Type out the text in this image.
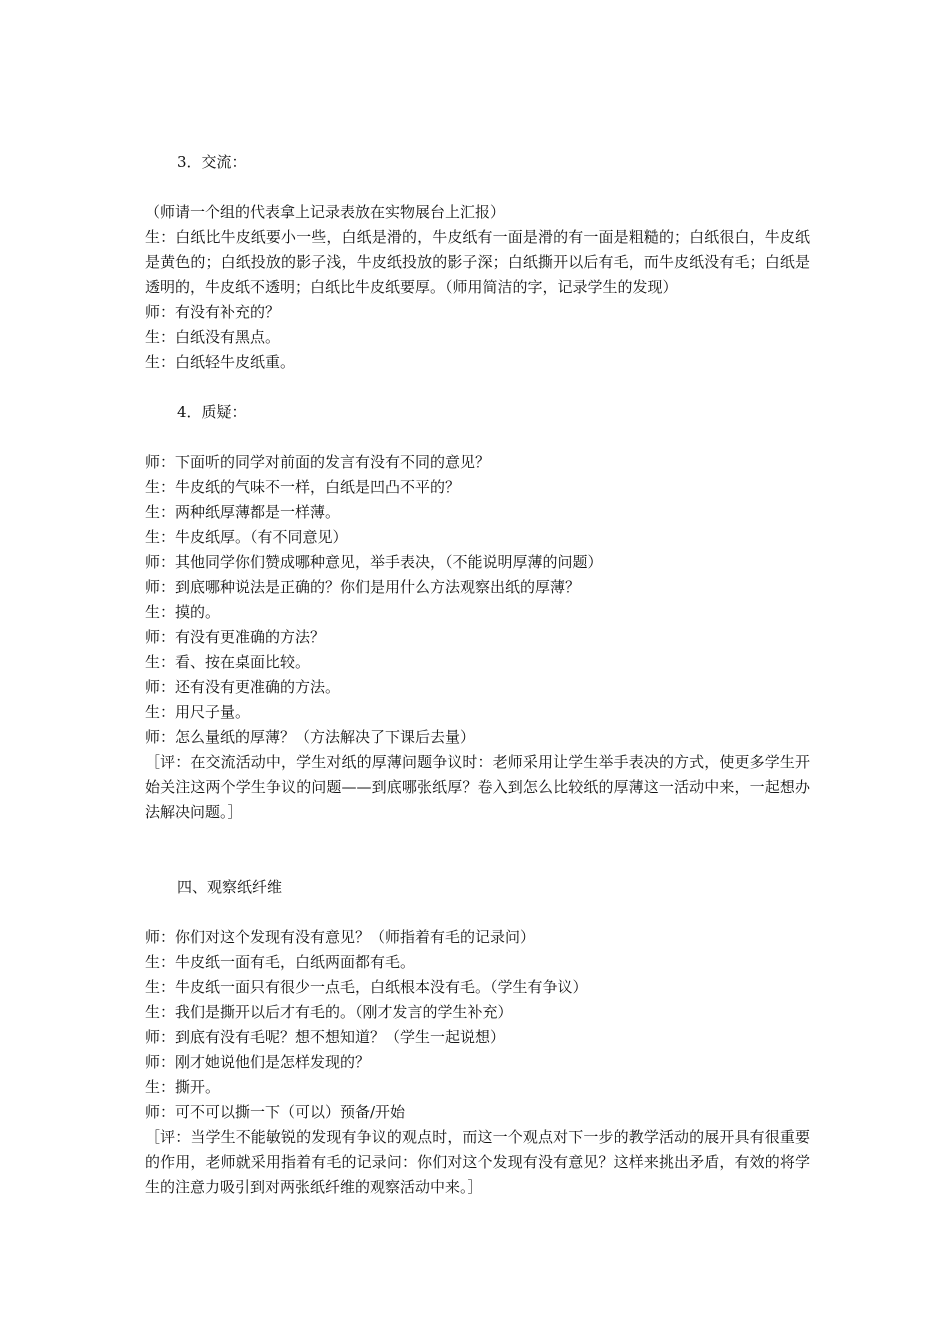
3．交流：
（师请一个组的代表拿上记录表放在实物展台上汇报）
生：白纸比牛皮纸要小一些，白纸是滑的，牛皮纸有一面是滑的有一面是粗糙的；白纸很白，牛皮纸是黄色的；白纸投放的影子浅，牛皮纸投放的影子深；白纸撕开以后有毛，而牛皮纸没有毛；白纸是透明的，牛皮纸不透明；白纸比牛皮纸要厚。（师用简洁的字，记录学生的发现）
师：有没有补充的？
生：白纸没有黑点。
生：白纸轻牛皮纸重。
4．质疑：
师：下面听的同学对前面的发言有没有不同的意见？
生：牛皮纸的气味不一样，白纸是凹凸不平的？
生：两种纸厚薄都是一样薄。
生：牛皮纸厚。（有不同意见）
师：其他同学你们赞成哪种意见，举手表决，（不能说明厚薄的问题）
师：到底哪种说法是正确的？你们是用什么方法观察出纸的厚薄？
生：摸的。
师：有没有更准确的方法？
生：看、按在桌面比较。
师：还有没有更准确的方法。
生：用尺子量。
师：怎么量纸的厚薄？（方法解决了下课后去量）
［评：在交流活动中，学生对纸的厚薄问题争议时：老师采用让学生举手表决的方式，使更多学生开始关注这两个学生争议的问题——到底哪张纸厚？卷入到怎么比较纸的厚薄这一活动中来，一起想办法解决问题。］
四、观察纸纤维
师：你们对这个发现有没有意见？（师指着有毛的记录问）
生：牛皮纸一面有毛，白纸两面都有毛。
生：牛皮纸一面只有很少一点毛，白纸根本没有毛。（学生有争议）
生：我们是撕开以后才有毛的。（刚才发言的学生补充）
师：到底有没有毛呢？想不想知道？（学生一起说想）
师：刚才她说他们是怎样发现的？
生：撕开。
师：可不可以撕一下（可以）预备/开始
［评：当学生不能敏锐的发现有争议的观点时，而这一个观点对下一步的教学活动的展开具有很重要的作用，老师就采用指着有毛的记录问：你们对这个发现有没有意见？这样来挑出矛盾，有效的将学生的注意力吸引到对两张纸纤维的观察活动中来。］
